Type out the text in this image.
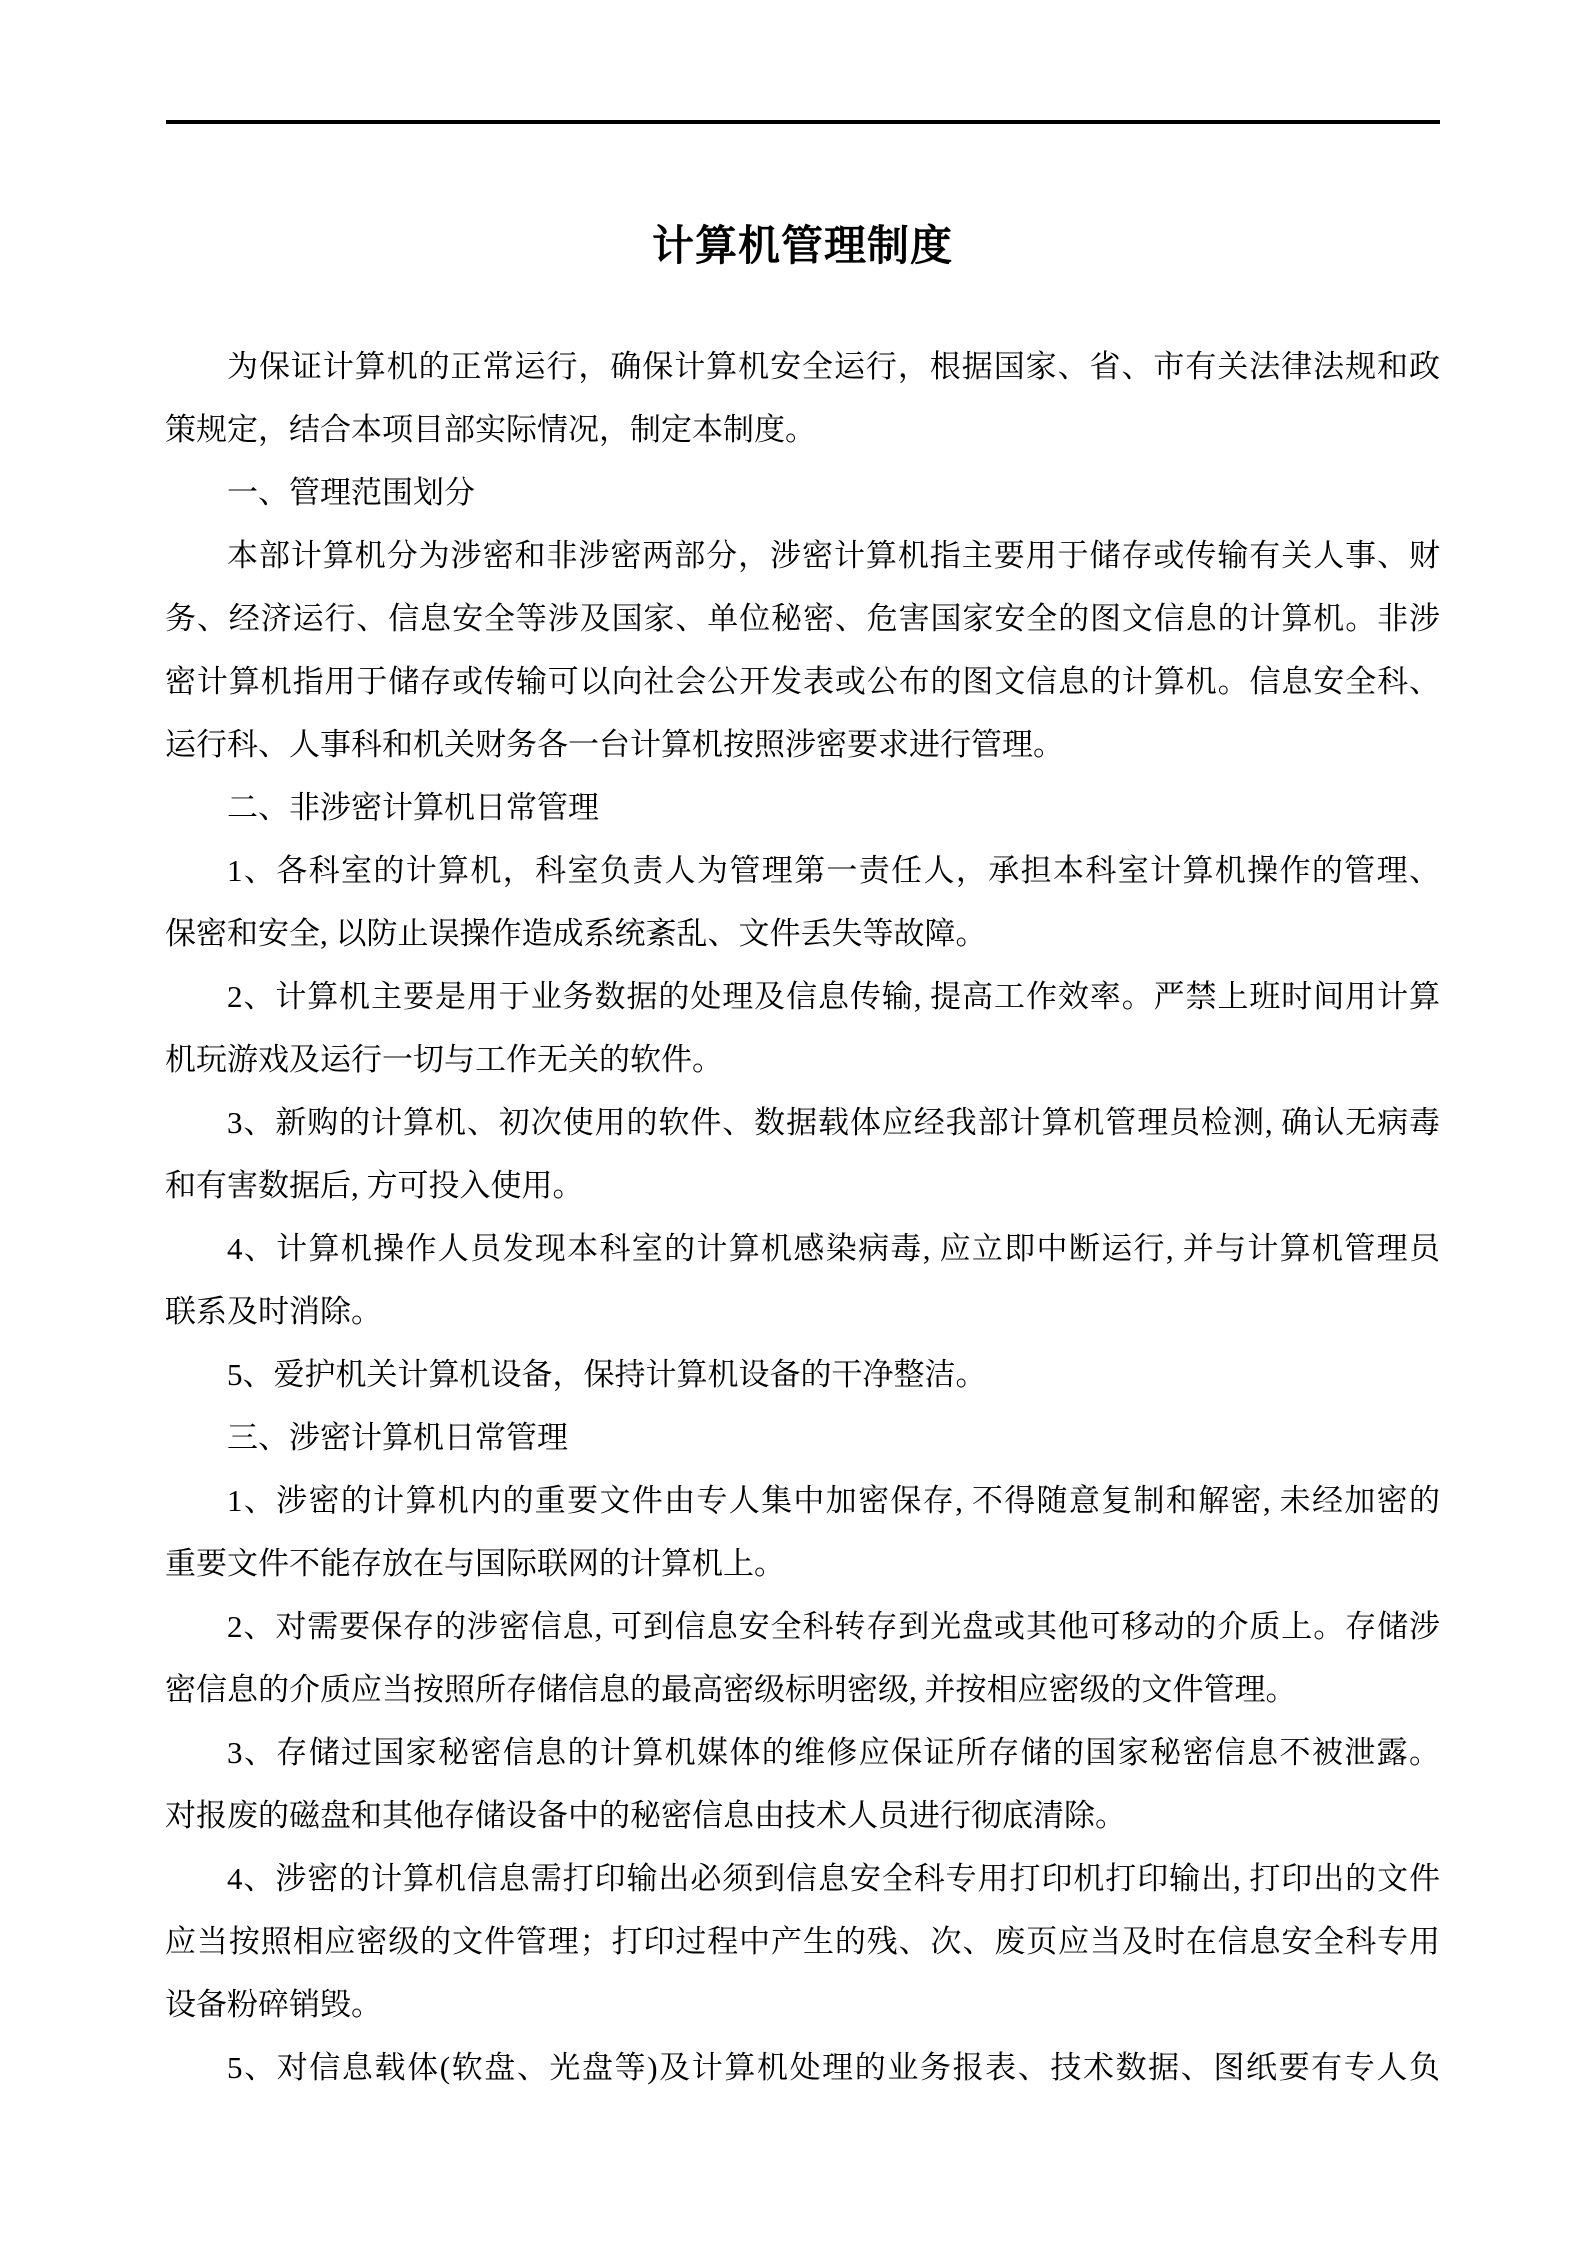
计算机管理制度
为保证计算机的正常运行，确保计算机安全运行，根据国家、省、市有关法律法规和政
策规定，结合本项目部实际情况，制定本制度。
一、管理范围划分
本部计算机分为涉密和非涉密两部分，涉密计算机指主要用于储存或传输有关人事、财
务、经济运行、信息安全等涉及国家、单位秘密、危害国家安全的图文信息的计算机。非涉
密计算机指用于储存或传输可以向社会公开发表或公布的图文信息的计算机。信息安全科、
运行科、人事科和机关财务各一台计算机按照涉密要求进行管理。
二、非涉密计算机日常管理
1、各科室的计算机，科室负责人为管理第一责任人，承担本科室计算机操作的管理、
保密和安全, 以防止误操作造成系统紊乱、文件丢失等故障。
2、计算机主要是用于业务数据的处理及信息传输, 提高工作效率。严禁上班时间用计算
机玩游戏及运行一切与工作无关的软件。
3、新购的计算机、初次使用的软件、数据载体应经我部计算机管理员检测, 确认无病毒
和有害数据后, 方可投入使用。
4、计算机操作人员发现本科室的计算机感染病毒, 应立即中断运行, 并与计算机管理员
联系及时消除。
5、爱护机关计算机设备，保持计算机设备的干净整洁。
三、涉密计算机日常管理
1、涉密的计算机内的重要文件由专人集中加密保存, 不得随意复制和解密, 未经加密的
重要文件不能存放在与国际联网的计算机上。
2、对需要保存的涉密信息, 可到信息安全科转存到光盘或其他可移动的介质上。存储涉
密信息的介质应当按照所存储信息的最高密级标明密级, 并按相应密级的文件管理。
3、存储过国家秘密信息的计算机媒体的维修应保证所存储的国家秘密信息不被泄露。
对报废的磁盘和其他存储设备中的秘密信息由技术人员进行彻底清除。
4、涉密的计算机信息需打印输出必须到信息安全科专用打印机打印输出, 打印出的文件
应当按照相应密级的文件管理；打印过程中产生的残、次、废页应当及时在信息安全科专用
设备粉碎销毁。
5、对信息载体(软盘、光盘等)及计算机处理的业务报表、技术数据、图纸要有专人负
